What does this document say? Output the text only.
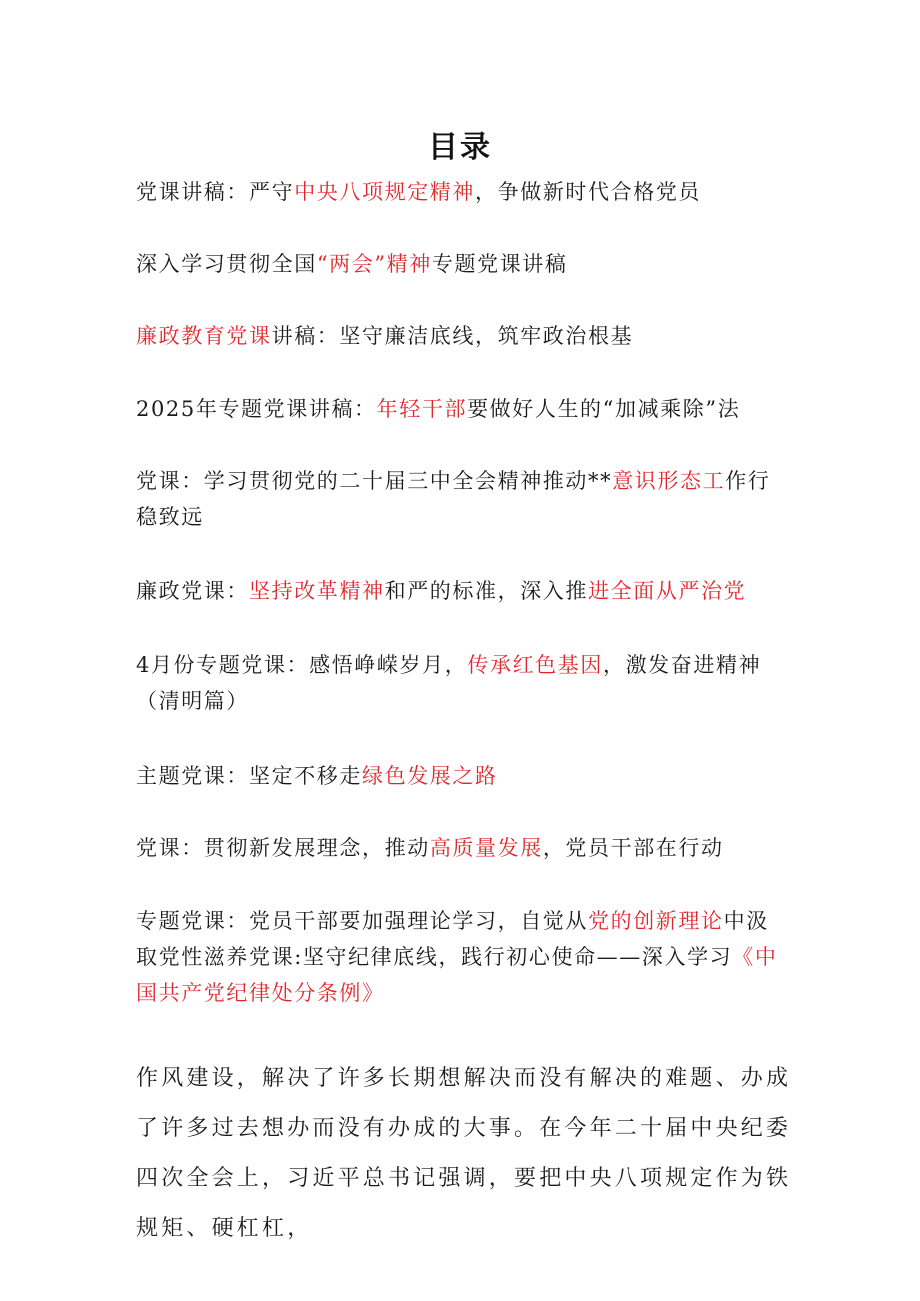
目录
党课讲稿：严守中央八项规定精神，争做新时代合格党员
深入学习贯彻全国“两会”精神专题党课讲稿
廉政教育党课讲稿：坚守廉洁底线，筑牢政治根基
2025年专题党课讲稿：年轻干部要做好人生的“加减乘除”法
党课：学习贯彻党的二十届三中全会精神推动**意识形态工作行稳致远
廉政党课：坚持改革精神和严的标准，深入推进全面从严治党
4月份专题党课：感悟峥嵘岁月，传承红色基因，激发奋进精神（清明篇）
主题党课：坚定不移走绿色发展之路
党课：贯彻新发展理念，推动高质量发展，党员干部在行动
专题党课：党员干部要加强理论学习，自觉从党的创新理论中汲取党性滋养党课:坚守纪律底线，践行初心使命——深入学习《中国共产党纪律处分条例》
作风建设，解决了许多长期想解决而没有解决的难题、办成了许多过去想办而没有办成的大事。在今年二十届中央纪委四次全会上，习近平总书记强调，要把中央八项规定作为铁规矩、硬杠杠，
